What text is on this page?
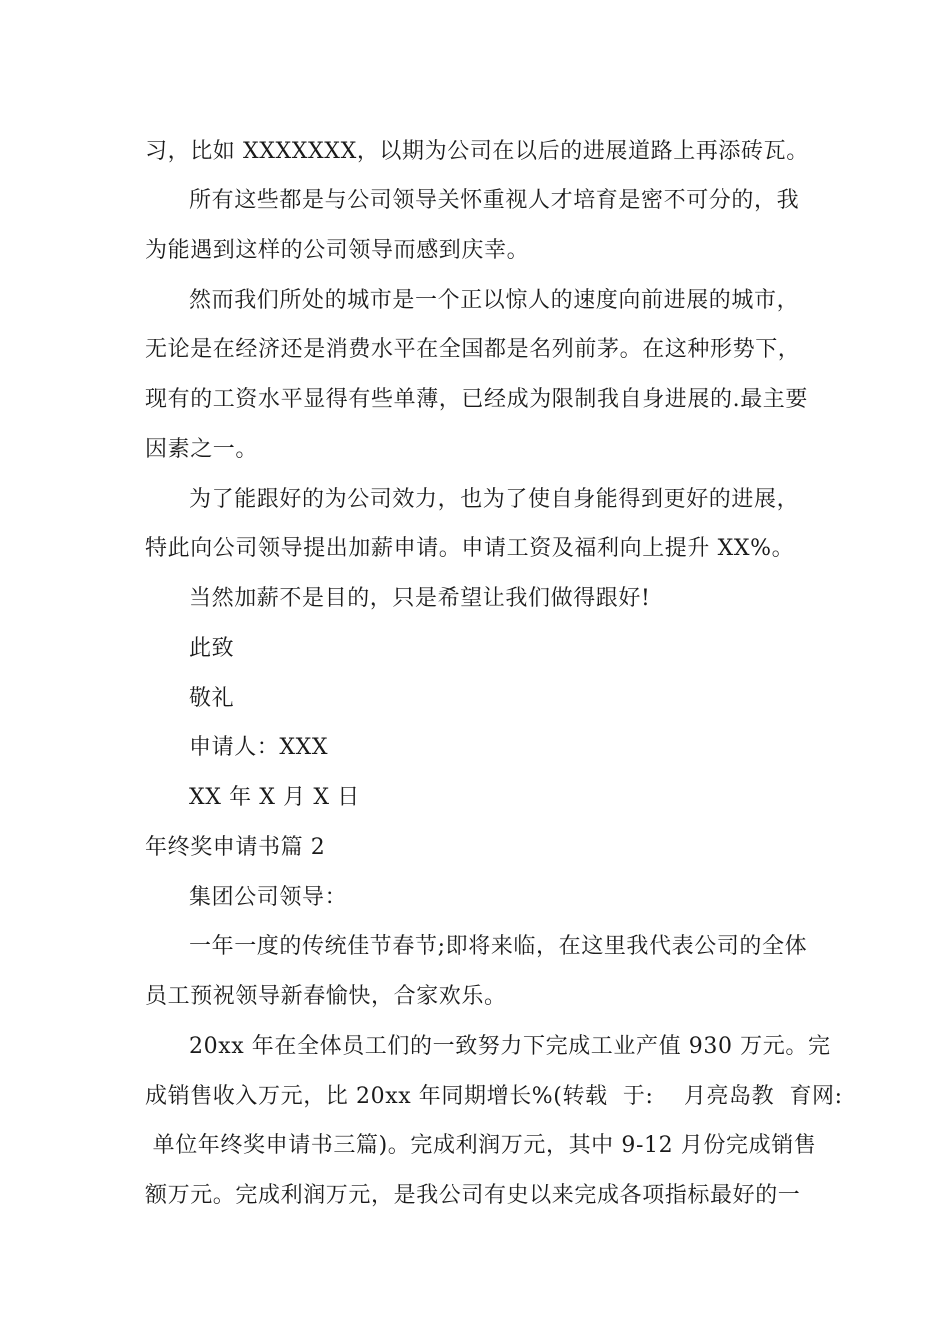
习，比如 XXXXXXX，以期为公司在以后的进展道路上再添砖瓦。
所有这些都是与公司领导关怀重视人才培育是密不可分的，我
为能遇到这样的公司领导而感到庆幸。
然而我们所处的城市是一个正以惊人的速度向前进展的城市，
无论是在经济还是消费水平在全国都是名列前茅。在这种形势下，
现有的工资水平显得有些单薄，已经成为限制我自身进展的.最主要
因素之一。
为了能跟好的为公司效力，也为了使自身能得到更好的进展，
特此向公司领导提出加薪申请。申请工资及福利向上提升 XX%。
当然加薪不是目的，只是希望让我们做得跟好!
此致
敬礼
申请人：XXX
XX 年 X 月 X 日
年终奖申请书篇 2
集团公司领导：
一年一度的传统佳节春节;即将来临，在这里我代表公司的全体
员工预祝领导新春愉快，合家欢乐。
20xx 年在全体员工们的一致努力下完成工业产值 930 万元。完
成销售收入万元，比 20xx 年同期增长%(转载  于:    月亮岛教  育网:
单位年终奖申请书三篇)。完成利润万元，其中 9-12 月份完成销售
额万元。完成利润万元，是我公司有史以来完成各项指标最好的一
